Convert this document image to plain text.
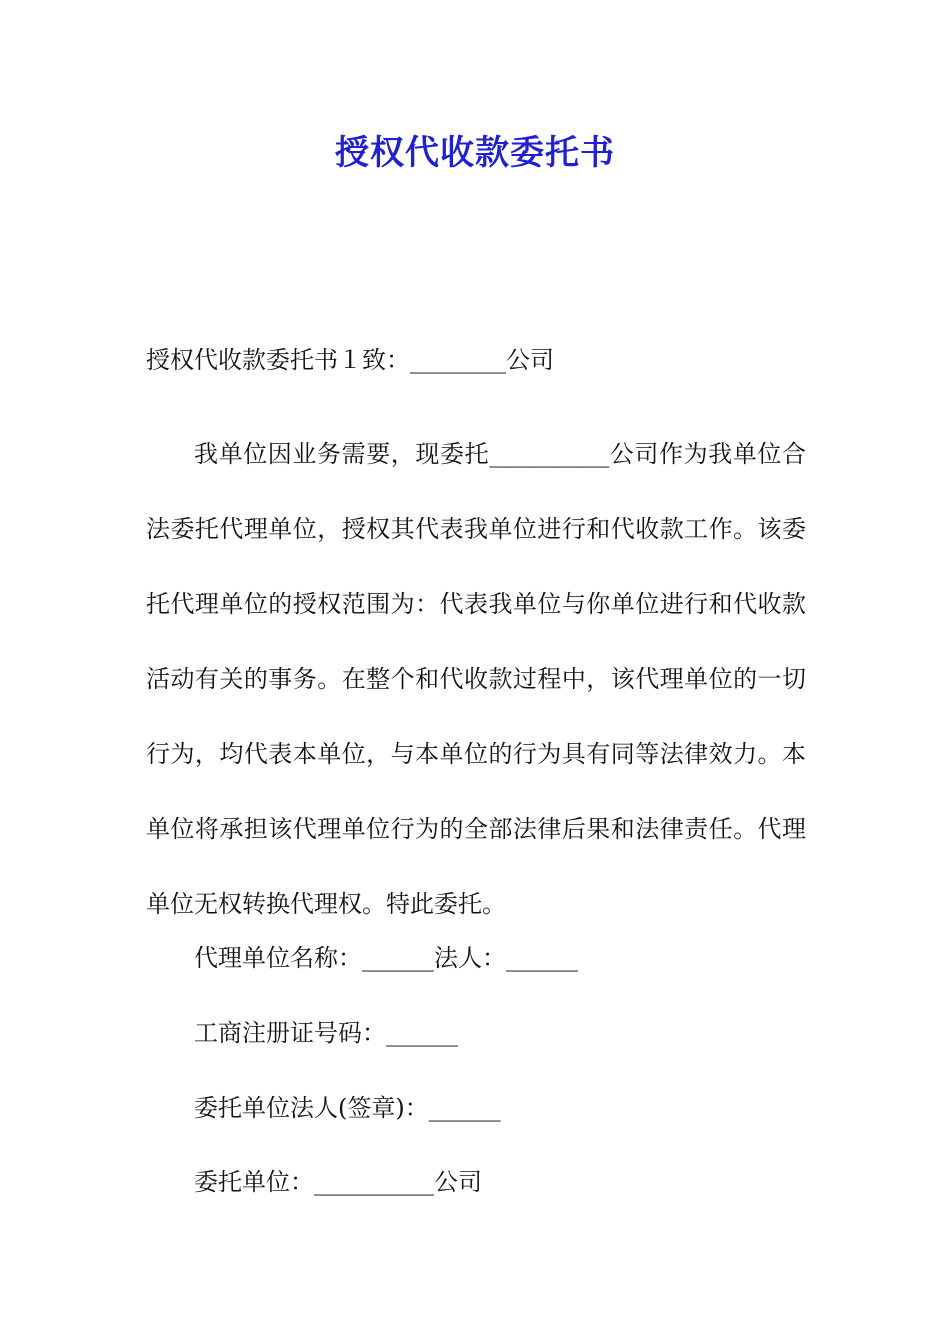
授权代收款委托书
授权代收款委托书１致：________公司
我单位因业务需要，现委托__________公司作为我单位合法委托代理单位，授权其代表我单位进行和代收款工作。该委托代理单位的授权范围为：代表我单位与你单位进行和代收款活动有关的事务。在整个和代收款过程中，该代理单位的一切行为，均代表本单位，与本单位的行为具有同等法律效力。本单位将承担该代理单位行为的全部法律后果和法律责任。代理单位无权转换代理权。特此委托。
代理单位名称：______法人：______
工商注册证号码：______
委托单位法人(签章)：______
委托单位：__________公司
